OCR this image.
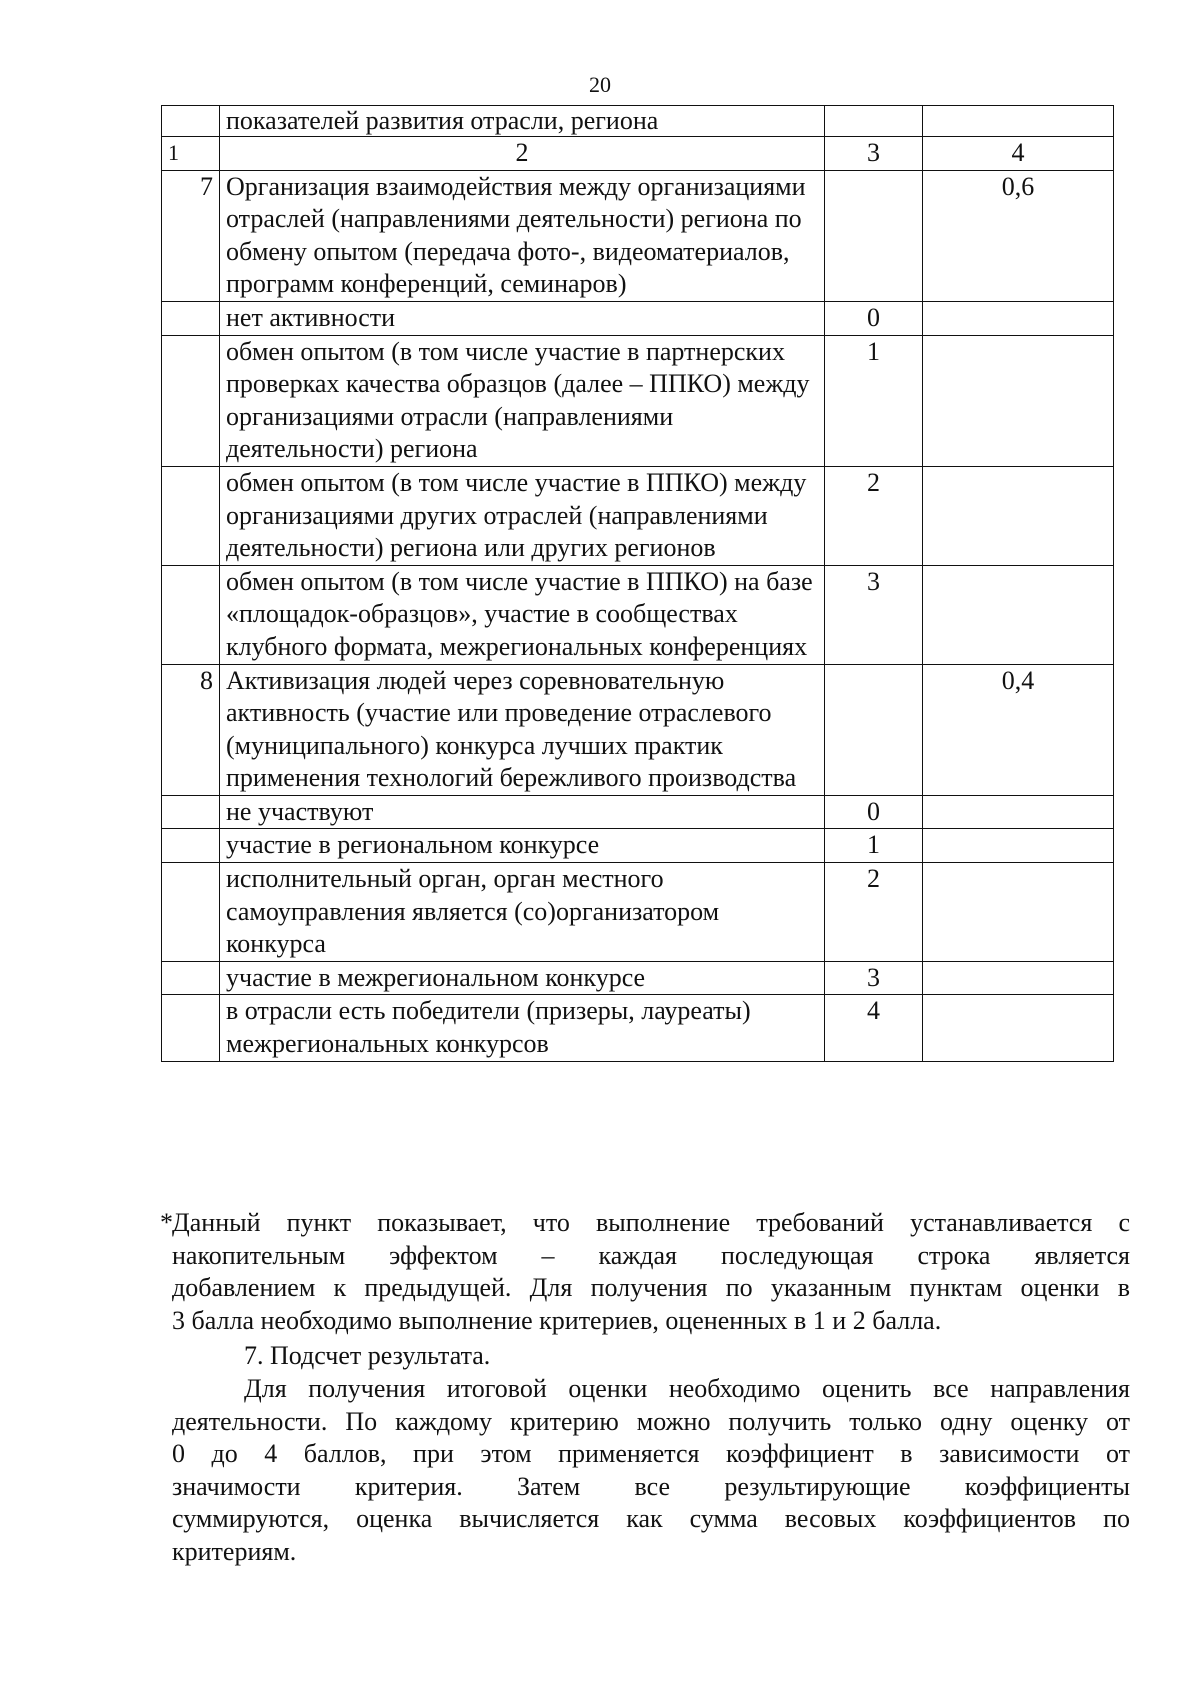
20
	показателей развития отрасли, региона		
1	2	3	4
7	Организация взаимодействия между организациями отраслей (направлениями деятельности) региона по обмену опытом (передача фото-, видеоматериалов, программ конференций, семинаров)		0,6
	нет активности	0	
	обмен опытом (в том числе участие в партнерских проверках качества образцов (далее – ППКО) между организациями отрасли (направлениями деятельности) региона	1	
	обмен опытом (в том числе участие в ППКО) между организациями других отраслей (направлениями деятельности) региона или других регионов	2	
	обмен опытом (в том числе участие в ППКО) на базе «площадок-образцов», участие в сообществах клубного формата, межрегиональных конференциях	3	
8	Активизация людей через соревновательную активность (участие или проведение отраслевого (муниципального) конкурса лучших практик применения технологий бережливого производства		0,4
	не участвуют	0	
	участие в региональном конкурсе	1	
	исполнительный орган, орган местного самоуправления является (со)организатором конкурса	2	
	участие в межрегиональном конкурсе	3	
	в отрасли есть победители (призеры, лауреаты) межрегиональных конкурсов	4	
* Данный пункт показывает, что выполнение требований устанавливается с
накопительным эффектом – каждая последующая строка является
добавлением к предыдущей. Для получения по указанным пунктам оценки в
3 балла необходимо выполнение критериев, оцененных в 1 и 2 балла.
7. Подсчет результата.
Для получения итоговой оценки необходимо оценить все направления
деятельности. По каждому критерию можно получить только одну оценку от
0 до 4 баллов, при этом применяется коэффициент в зависимости от
значимости критерия. Затем все результирующие коэффициенты
суммируются, оценка вычисляется как сумма весовых коэффициентов по
критериям.
